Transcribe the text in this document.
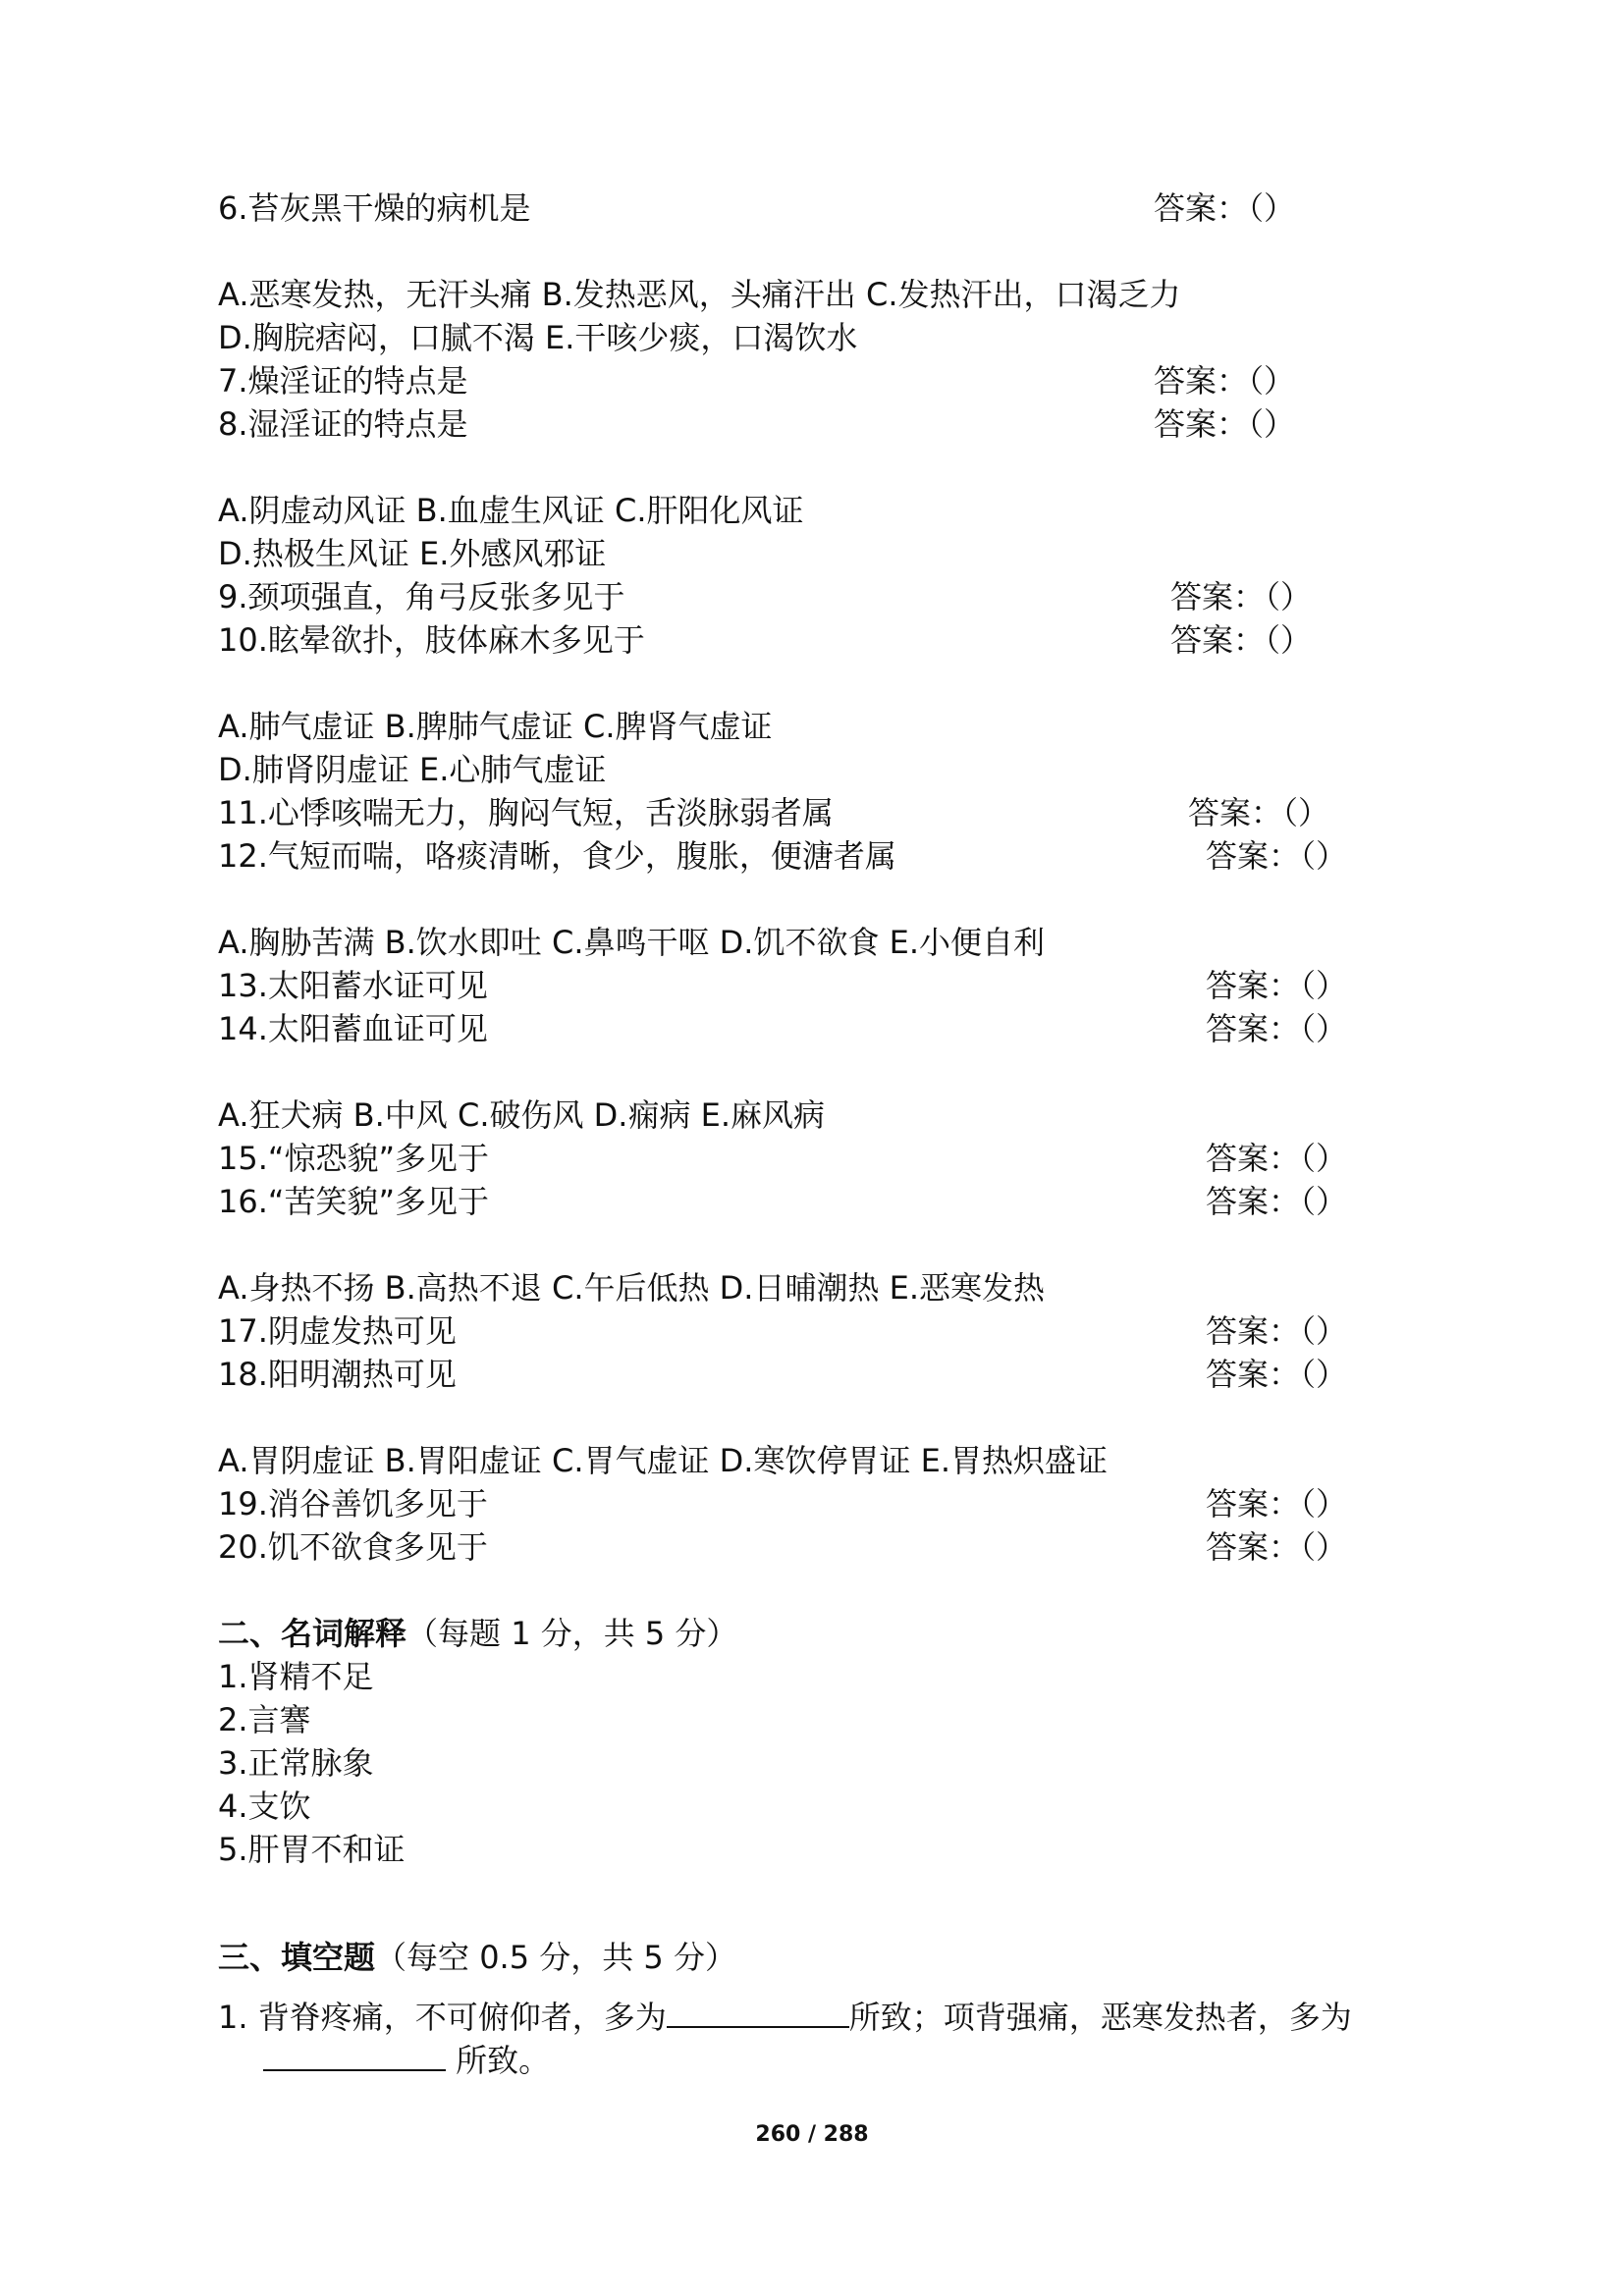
6.苔灰黑干燥的病机是	答案：（）
A.恶寒发热，无汗头痛 B.发热恶风，头痛汗出 C.发热汗出，口渴乏力
D.胸脘痞闷，口腻不渴 E.干咳少痰，口渴饮水
7.燥淫证的特点是	答案：（）
8.湿淫证的特点是	答案：（）
A.阴虚动风证 B.血虚生风证 C.肝阳化风证
D.热极生风证 E.外感风邪证
9.颈项强直，角弓反张多见于	答案：（）
10.眩晕欲扑，肢体麻木多见于	答案：（）
A.肺气虚证 B.脾肺气虚证 C.脾肾气虚证
D.肺肾阴虚证 E.心肺气虚证
11.心悸咳喘无力，胸闷气短，舌淡脉弱者属	答案：（）
12.气短而喘，咯痰清晰，食少，腹胀，便溏者属	答案：（）
A.胸胁苦满 B.饮水即吐 C.鼻鸣干呕 D.饥不欲食 E.小便自利
13.太阳蓄水证可见	答案：（）
14.太阳蓄血证可见	答案：（）
A.狂犬病 B.中风 C.破伤风 D.痫病 E.麻风病
15.“惊恐貌”多见于	答案：（）
16.“苦笑貌”多见于	答案：（）
A.身热不扬 B.高热不退 C.午后低热 D.日晡潮热 E.恶寒发热
17.阴虚发热可见	答案：（）
18.阳明潮热可见	答案：（）
A.胃阴虚证 B.胃阳虚证 C.胃气虚证 D.寒饮停胃证 E.胃热炽盛证
19.消谷善饥多见于	答案：（）
20.饥不欲食多见于	答案：（）
二、名词解释（每题 1 分，共 5 分）
1.肾精不足
2.言謇
3.正常脉象
4.支饮
5.肝胃不和证
三、填空题（每空 0.5 分，共 5 分）
1. 背脊疼痛，不可俯仰者，多为	所致；项背强痛，恶寒发热者，多为
所致。
260 / 288
